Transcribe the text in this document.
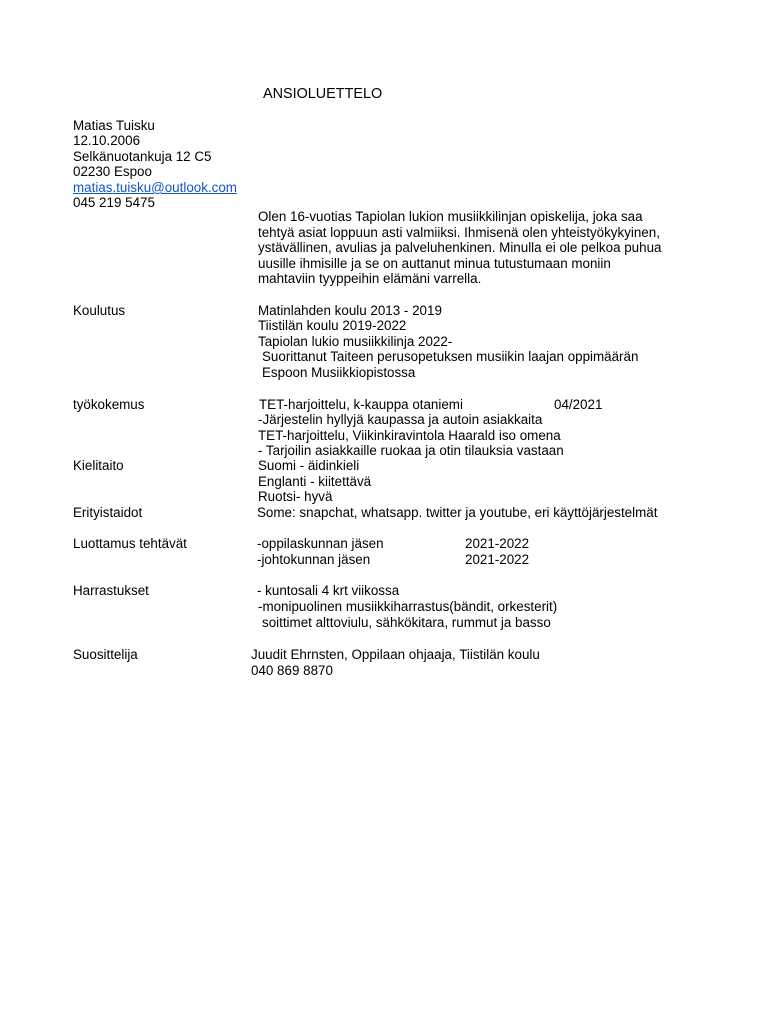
ANSIOLUETTELO
Matias Tuisku
12.10.2006
Selkänuotankuja 12 C5
02230 Espoo
matias.tuisku@outlook.com
045 219 5475
Olen 16-vuotias Tapiolan lukion musiikkilinjan opiskelija, joka saa
tehtyä asiat loppuun asti valmiiksi. Ihmisenä olen yhteistyökykyinen,
ystävällinen, avulias ja palveluhenkinen. Minulla ei ole pelkoa puhua
uusille ihmisille ja se on auttanut minua tutustumaan moniin
mahtaviin tyyppeihin elämäni varrella.
Koulutus	Matinlahden koulu 2013 - 2019
Tiistilän koulu 2019-2022
Tapiolan lukio musiikkilinja 2022-
Suorittanut Taiteen perusopetuksen musiikin laajan oppimäärän
Espoon Musiikkiopistossa
työkokemus	TET-harjoittelu, k-kauppa otaniemi	04/2021
-Järjestelin hyllyjä kaupassa ja autoin asiakkaita
TET-harjoittelu, Viikinkiravintola Haarald iso omena
- Tarjoilin asiakkaille ruokaa ja otin tilauksia vastaan
Kielitaito	Suomi - äidinkieli
Englanti - kiitettävä
Ruotsi- hyvä
Erityistaidot	Some: snapchat, whatsapp. twitter ja youtube, eri käyttöjärjestelmät
Luottamus tehtävät	-oppilaskunnan jäsen	2021-2022
-johtokunnan jäsen	2021-2022
Harrastukset	- kuntosali 4 krt viikossa
-monipuolinen musiikkiharrastus(bändit, orkesterit)
soittimet alttoviulu, sähkökitara, rummut ja basso
Suosittelija	Juudit Ehrnsten, Oppilaan ohjaaja, Tiistilän koulu
040 869 8870
